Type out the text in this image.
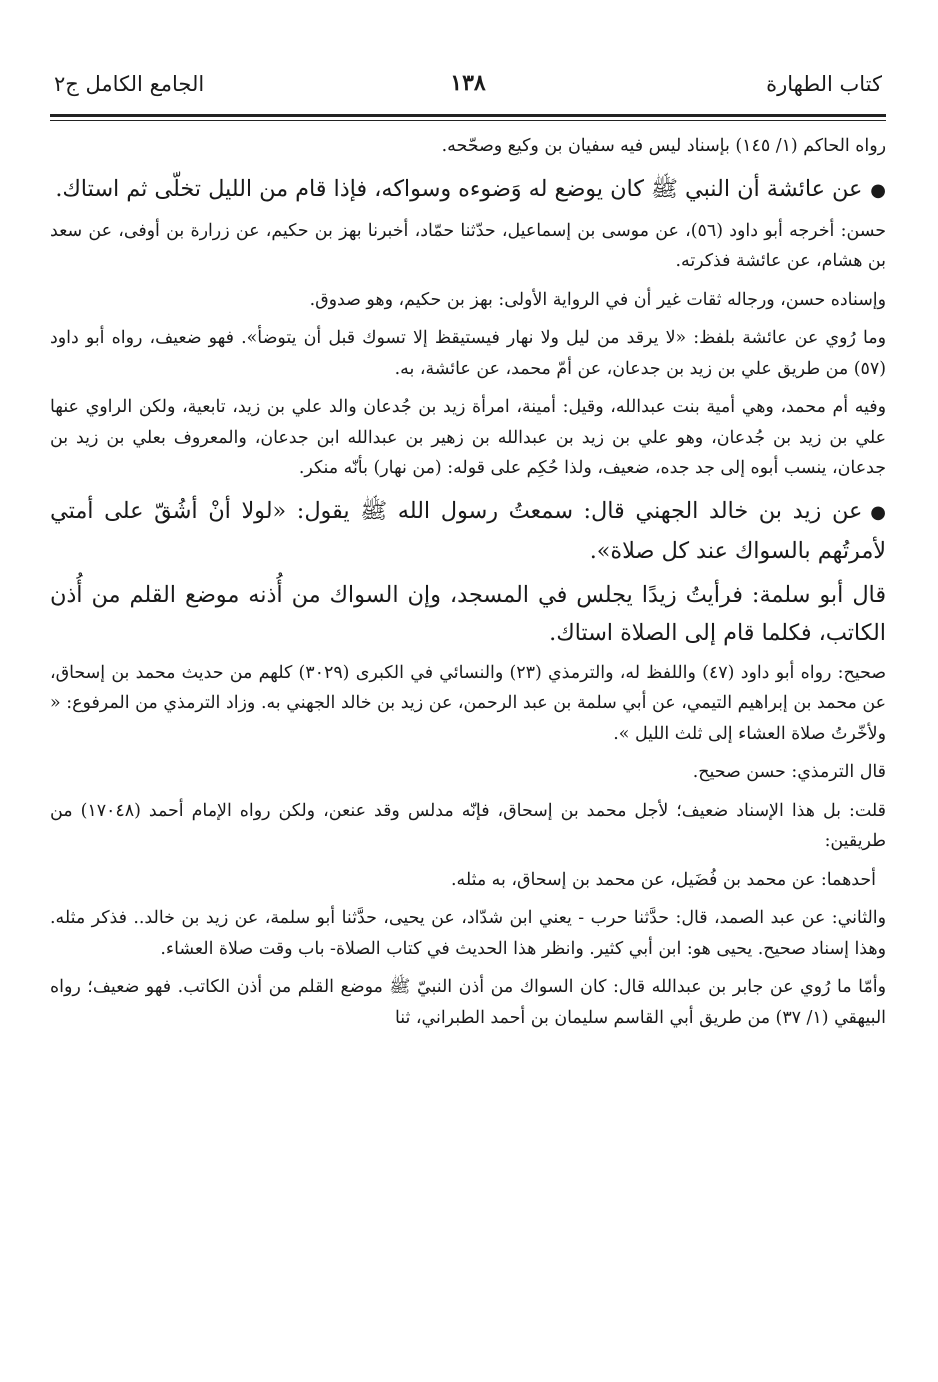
كتاب الطهارة
١٣٨
الجامع الكامل ج٢

رواه الحاكم (١/ ١٤٥) بإسناد ليس فيه سفيان بن وكيع وصحّحه.

●عن عائشة أن النبي ﷺ كان يوضع له وَضوءه وسواكه، فإذا قام من الليل تخلّى ثم استاك.

حسن: أخرجه أبو داود (٥٦)، عن موسى بن إسماعيل، حدّثنا حمّاد، أخبرنا بهز بن حكيم، عن زرارة بن أوفى، عن سعد بن هشام، عن عائشة فذكرته.

وإسناده حسن، ورجاله ثقات غير أن في الرواية الأولى: بهز بن حكيم، وهو صدوق.

وما رُوي عن عائشة بلفظ: «لا يرقد من ليل ولا نهار فيستيقظ إلا تسوك قبل أن يتوضأ». فهو ضعيف، رواه أبو داود (٥٧) من طريق علي بن زيد بن جدعان، عن أمّ محمد، عن عائشة، به.

وفيه أم محمد، وهي أمية بنت عبدالله، وقيل: أمينة، امرأة زيد بن جُدعان والد علي بن زيد، تابعية، ولكن الراوي عنها علي بن زيد بن جُدعان، وهو علي بن زيد بن عبدالله بن زهير بن عبدالله ابن جدعان، والمعروف بعلي بن زيد بن جدعان، ينسب أبوه إلى جد جده، ضعيف، ولذا حُكِم على قوله: (من نهار) بأنّه منكر.

●عن زيد بن خالد الجهني قال: سمعتُ رسول الله ﷺ يقول: «لولا أنْ أشُقّ على أمتي لأمرتُهم بالسواك عند كل صلاة».

قال أبو سلمة: فرأيتُ زيدًا يجلس في المسجد، وإن السواك من أُذنه موضع القلم من أُذن الكاتب، فكلما قام إلى الصلاة استاك.

صحيح: رواه أبو داود (٤٧) واللفظ له، والترمذي (٢٣) والنسائي في الكبرى (٣٠٢٩) كلهم من حديث محمد بن إسحاق، عن محمد بن إبراهيم التيمي، عن أبي سلمة بن عبد الرحمن، عن زيد بن خالد الجهني به. وزاد الترمذي من المرفوع: « ولأخّرتُ صلاة العشاء إلى ثلث الليل ».

قال الترمذي: حسن صحيح.

قلت: بل هذا الإسناد ضعيف؛ لأجل محمد بن إسحاق، فإنّه مدلس وقد عنعن، ولكن رواه الإمام أحمد (١٧٠٤٨) من طريقين:

أحدهما: عن محمد بن فُضَيل، عن محمد بن إسحاق، به مثله.

والثاني: عن عبد الصمد، قال: حدَّثنا حرب - يعني ابن شدّاد، عن يحيى، حدَّثنا أبو سلمة، عن زيد بن خالد.. فذكر مثله. وهذا إسناد صحيح. يحيى هو: ابن أبي كثير. وانظر هذا الحديث في كتاب الصلاة- باب وقت صلاة العشاء.

وأمّا ما رُوي عن جابر بن عبدالله قال: كان السواك من أذن النبيّ ﷺ موضع القلم من أذن الكاتب. فهو ضعيف؛ رواه البيهقي (١/ ٣٧) من طريق أبي القاسم سليمان بن أحمد الطبراني، ثنا
